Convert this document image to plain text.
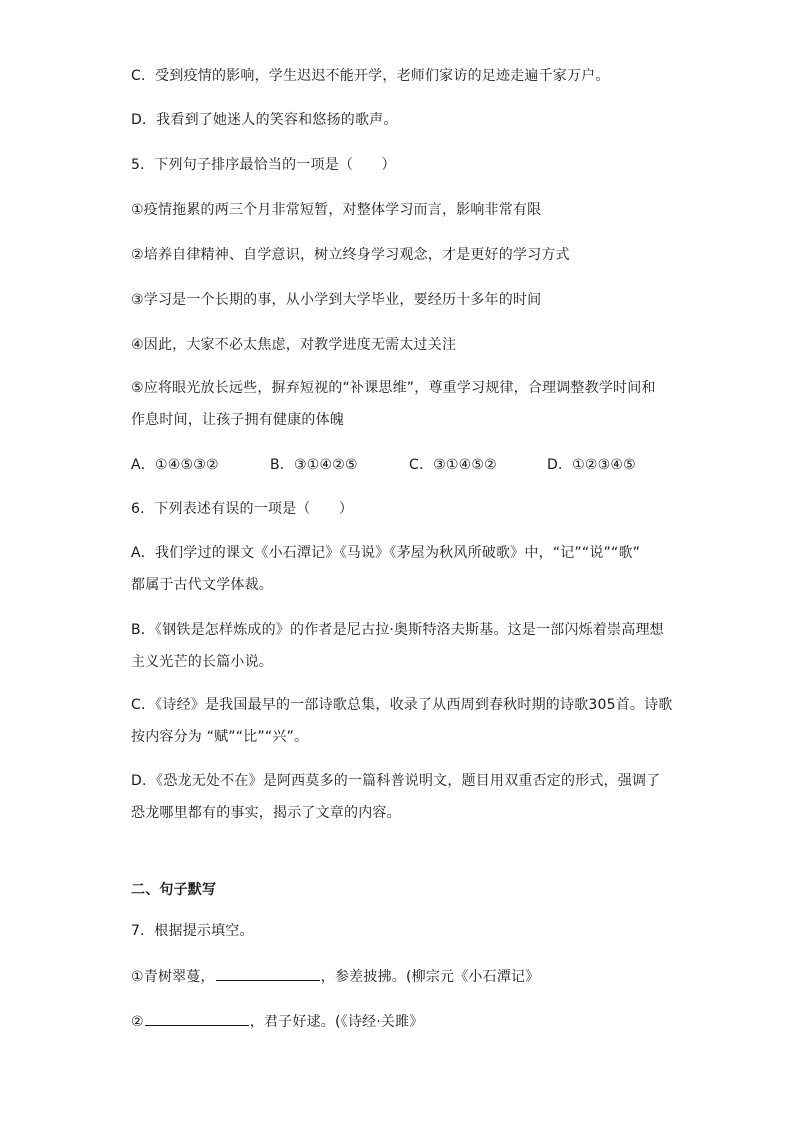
C．受到疫情的影响，学生迟迟不能开学，老师们家访的足迹走遍千家万户。
D．我看到了她迷人的笑容和悠扬的歌声。
5．下列句子排序最恰当的一项是（　　）
①疫情拖累的两三个月非常短暂，对整体学习而言，影响非常有限
②培养自律精神、自学意识，树立终身学习观念，才是更好的学习方式
③学习是一个长期的事，从小学到大学毕业，要经历十多年的时间
④因此，大家不必太焦虑，对教学进度无需太过关注
⑤应将眼光放长远些，摒弃短视的“补课思维”，尊重学习规律，合理调整教学时间和
作息时间，让孩子拥有健康的体魄
A．①④⑤③②	B．③①④②⑤	C．③①④⑤②	D．①②③④⑤
6．下列表述有误的一项是（　　）
A．我们学过的课文《小石潭记》《马说》《茅屋为秋风所破歌》中，“记”“说”“歌”
都属于古代文学体裁。
B．《钢铁是怎样炼成的》的作者是尼古拉·奥斯特洛夫斯基。这是一部闪烁着崇高理想
主义光芒的长篇小说。
C．《诗经》是我国最早的一部诗歌总集，收录了从西周到春秋时期的诗歌305首。诗歌
按内容分为 “赋”“比”“兴”。
D．《恐龙无处不在》是阿西莫多的一篇科普说明文，题目用双重否定的形式，强调了
恐龙哪里都有的事实，揭示了文章的内容。
二、句子默写
7．根据提示填空。
①青树翠蔓，	，参差披拂。(柳宗元《小石潭记》
②	，君子好逑。(《诗经·关雎》
